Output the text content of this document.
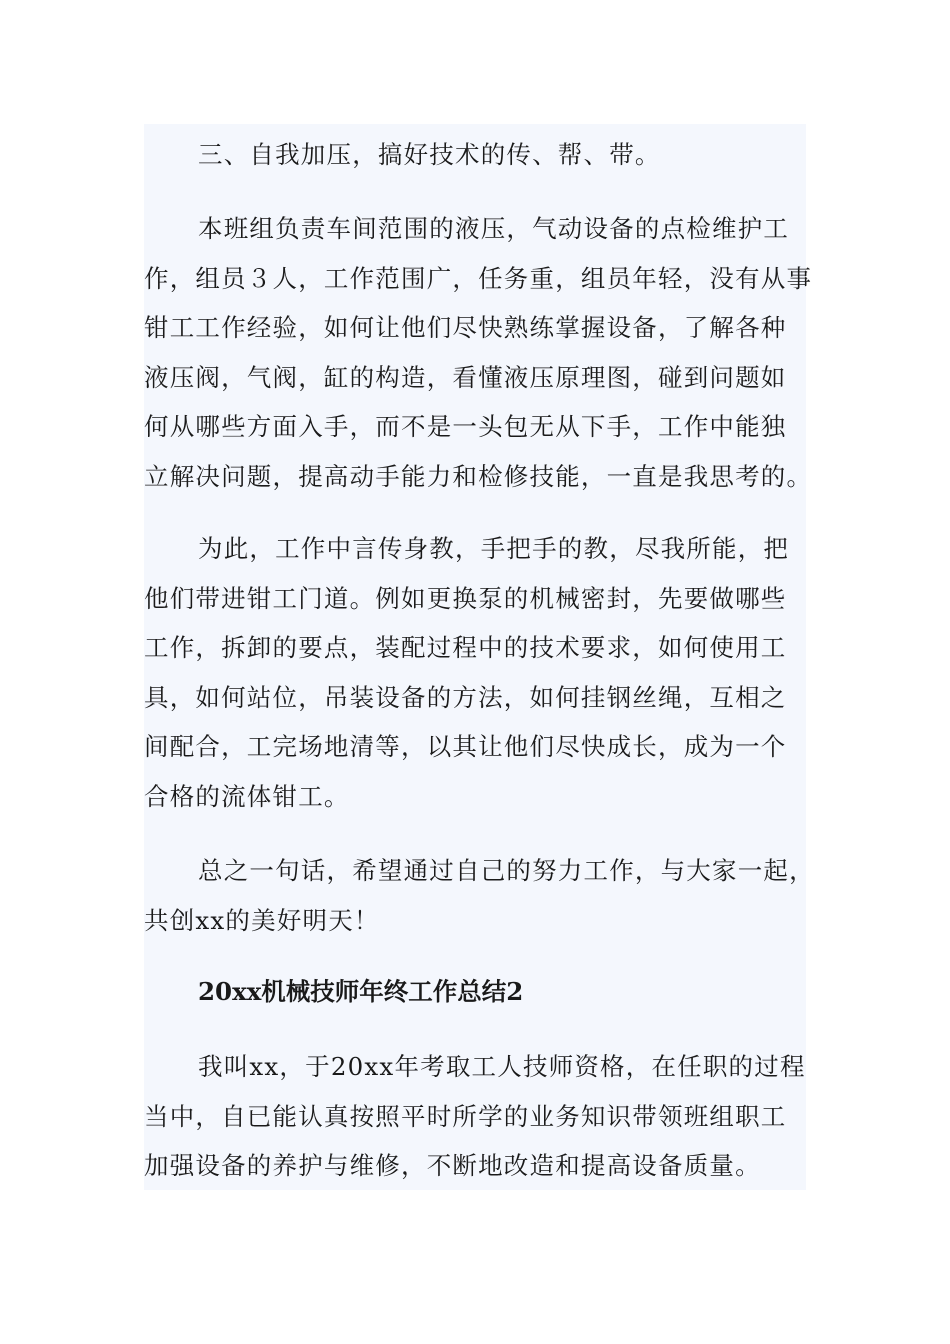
三、自我加压，搞好技术的传、帮、带。

本班组负责车间范围的液压，气动设备的点检维护工
作，组员３人，工作范围广，任务重，组员年轻，没有从事
钳工工作经验，如何让他们尽快熟练掌握设备，了解各种
液压阀，气阀，缸的构造，看懂液压原理图，碰到问题如
何从哪些方面入手，而不是一头包无从下手，工作中能独
立解决问题，提高动手能力和检修技能，一直是我思考的。

为此，工作中言传身教，手把手的教，尽我所能，把
他们带进钳工门道。例如更换泵的机械密封，先要做哪些
工作，拆卸的要点，装配过程中的技术要求，如何使用工
具，如何站位，吊装设备的方法，如何挂钢丝绳，互相之
间配合，工完场地清等，以其让他们尽快成长，成为一个
合格的流体钳工。

总之一句话，希望通过自己的努力工作，与大家一起，
共创xx的美好明天！

20xx机械技师年终工作总结2

我叫xx，于20xx年考取工人技师资格，在任职的过程
当中，自已能认真按照平时所学的业务知识带领班组职工
加强设备的养护与维修，不断地改造和提高设备质量。
